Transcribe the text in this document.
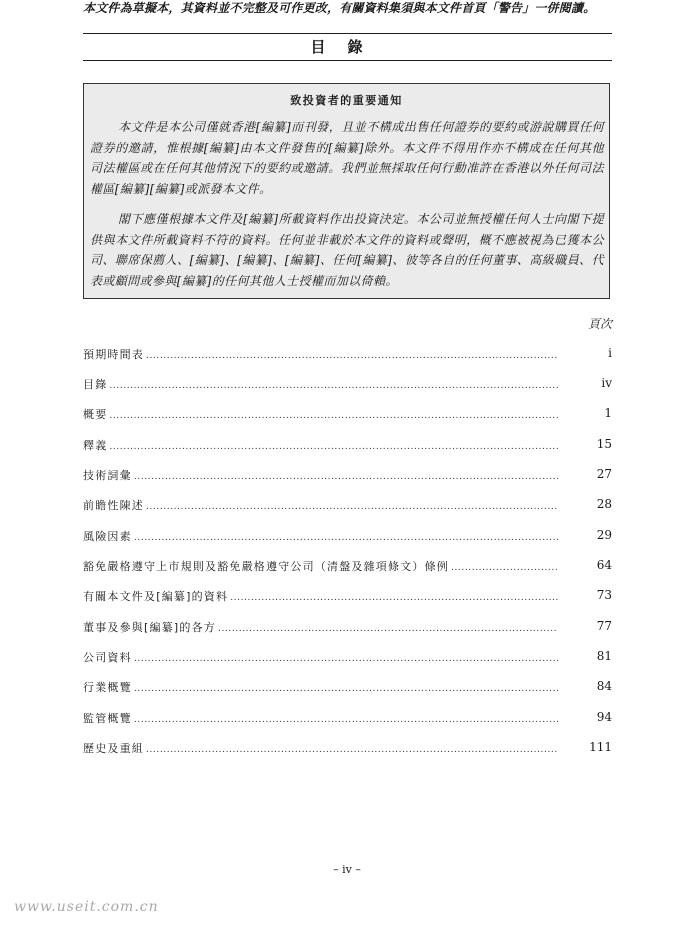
本文件為草擬本，其資料並不完整及可作更改，有關資料集須與本文件首頁「警告」一併閱讀。
目錄
致投資者的重要通知
本文件是本公司僅就香港[編纂]而刊發，且並不構成出售任何證券的要約或游說購買任何證券的邀請，惟根據[編纂]由本文件發售的[編纂]除外。本文件不得用作亦不構成在任何其他司法權區或在任何其他情況下的要約或邀請。我們並無採取任何行動准許在香港以外任何司法權區[編纂][編纂]或派發本文件。
閣下應僅根據本文件及[編纂]所載資料作出投資決定。本公司並無授權任何人士向閣下提供與本文件所載資料不符的資料。任何並非載於本文件的資料或聲明，概不應被視為已獲本公司、聯席保薦人、[編纂]、[編纂]、[編纂]、任何[編纂]、彼等各自的任何董事、高級職員、代表或顧問或參與[編纂]的任何其他人士授權而加以倚賴。
頁次
預期時間表 .....	i
目錄 .....	iv
概要 .....	1
釋義 .....	15
技術詞彙 .....	27
前瞻性陳述 .....	28
風險因素 .....	29
豁免嚴格遵守上市規則及豁免嚴格遵守公司（清盤及雜項條文）條例 .....	64
有關本文件及[編纂]的資料 .....	73
董事及參與[編纂]的各方 .....	77
公司資料 .....	81
行業概覽 .....	84
監管概覽 .....	94
歷史及重組 .....	111
– iv –
www.useit.com.cn
